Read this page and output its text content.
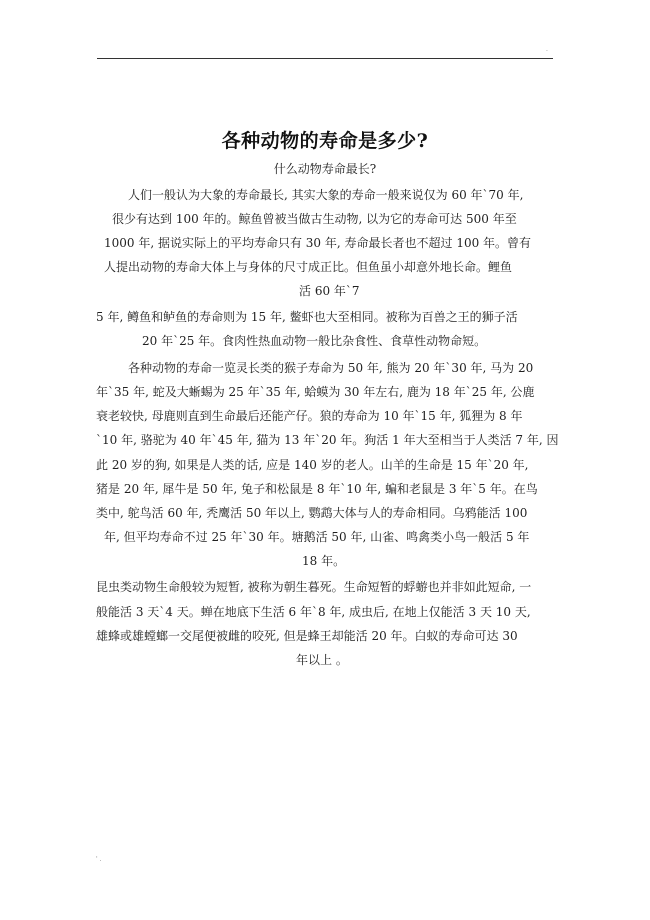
.
各种动物的寿命是多少?
什么动物寿命最长?
人们一般认为大象的寿命最长, 其实大象的寿命一般来说仅为 60 年`70 年,
很少有达到 100 年的。鲸鱼曾被当做古生动物, 以为它的寿命可达 500 年至
1000 年, 据说实际上的平均寿命只有 30 年, 寿命最长者也不超过 100 年。曾有
人提出动物的寿命大体上与身体的尺寸成正比。但鱼虽小却意外地长命。鲤鱼
活 60 年`7
5 年, 鳟鱼和鲈鱼的寿命则为 15 年, 鳖虾也大至相同。被称为百兽之王的狮子活
20 年`25 年。食肉性热血动物一般比杂食性、食草性动物命短。
各种动物的寿命一览灵长类的猴子寿命为 50 年, 熊为 20 年`30 年, 马为 20
年`35 年, 蛇及大蜥蜴为 25 年`35 年, 蛤蟆为 30 年左右, 鹿为 18 年`25 年, 公鹿
衰老较快, 母鹿则直到生命最后还能产仔。狼的寿命为 10 年`15 年, 狐狸为 8 年
`10 年, 骆驼为 40 年`45 年, 猫为 13 年`20 年。狗活 1 年大至相当于人类活 7 年, 因
此 20 岁的狗, 如果是人类的话, 应是 140 岁的老人。山羊的生命是 15 年`20 年,
猪是 20 年, 犀牛是 50 年, 兔子和松鼠是 8 年`10 年, 蝙和老鼠是 3 年`5 年。在鸟
类中, 鸵鸟活 60 年, 秃鹰活 50 年以上, 鹦鹉大体与人的寿命相同。乌鸦能活 100
年, 但平均寿命不过 25 年`30 年。塘鹅活 50 年, 山雀、鸣禽类小鸟一般活 5 年
18 年。
昆虫类动物生命般较为短暂, 被称为朝生暮死。生命短暂的蜉蝣也并非如此短命, 一
般能活 3 天`4 天。蝉在地底下生活 6 年`8 年, 成虫后, 在地上仅能活 3 天 10 天,
雄蜂或雄螳螂一交尾便被雌的咬死, 但是蜂王却能活 20 年。白蚁的寿命可达 30
年以上 。
' .
